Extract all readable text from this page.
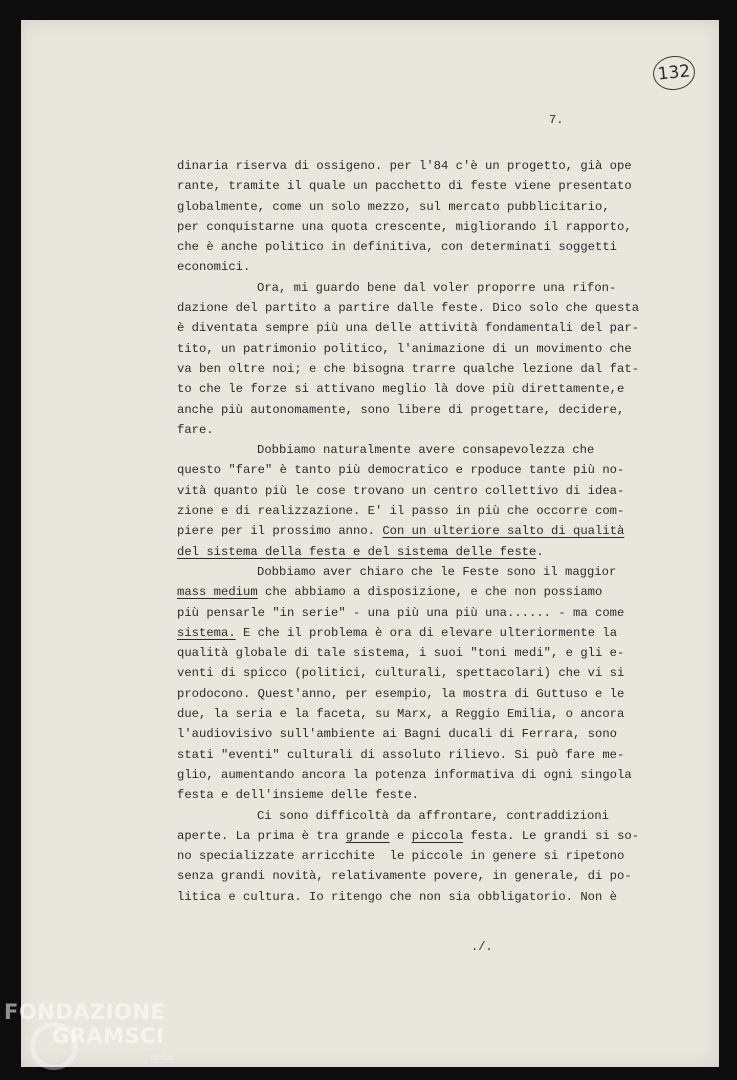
· ·
132
7.
dinaria riserva di ossigeno. per l'84 c'è un progetto, già ope
rante, tramite il quale un pacchetto di feste viene presentato
globalmente, come un solo mezzo, sul mercato pubblicitario,
per conquistarne una quota crescente, migliorando il rapporto,
che è anche politico in definitiva, con determinati soggetti
economici.
Ora, mi guardo bene dal voler proporre una rifon-
dazione del partito a partire dalle feste. Dico solo che questa
è diventata sempre più una delle attività fondamentali del par-
tito, un patrimonio politico, l'animazione di un movimento che
va ben oltre noi; e che bisogna trarre qualche lezione dal fat-
to che le forze si attivano meglio là dove più direttamente,e
anche più autonomamente, sono libere di progettare, decidere,
fare.
Dobbiamo naturalmente avere consapevolezza che
questo "fare" è tanto più democratico e rpoduce tante più no-
vità quanto più le cose trovano un centro collettivo di idea-
zione e di realizzazione. E' il passo in più che occorre com-
piere per il prossimo anno. Con un ulteriore salto di qualità
del sistema della festa e del sistema delle feste.
Dobbiamo aver chiaro che le Feste sono il maggior
mass medium che abbiamo a disposizione, e che non possiamo
più pensarle "in serie" - una più una più una...... - ma come
sistema. E che il problema è ora di elevare ulteriormente la
qualità globale di tale sistema, i suoi "toni medi", e gli e-
venti di spicco (politici, culturali, spettacolari) che vi si
prodocono. Quest'anno, per esempio, la mostra di Guttuso e le
due, la seria e la faceta, su Marx, a Reggio Emilia, o ancora
l'audiovisivo sull'ambiente ai Bagni ducali di Ferrara, sono
stati "eventi" culturali di assoluto rilievo. Si può fare me-
glio, aumentando ancora la potenza informativa di ogni singola
festa e dell'insieme delle feste.
Ci sono difficoltà da affrontare, contraddizioni
aperte. La prima è tra grande e piccola festa. Le grandi si so-
no specializzate arricchite  le piccole in genere si ripetono
senza grandi novità, relativamente povere, in generale, di po-
litica e cultura. Io ritengo che non sia obbligatorio. Non è
./.
FONDAZIONE
GRAMSCI
onlus
